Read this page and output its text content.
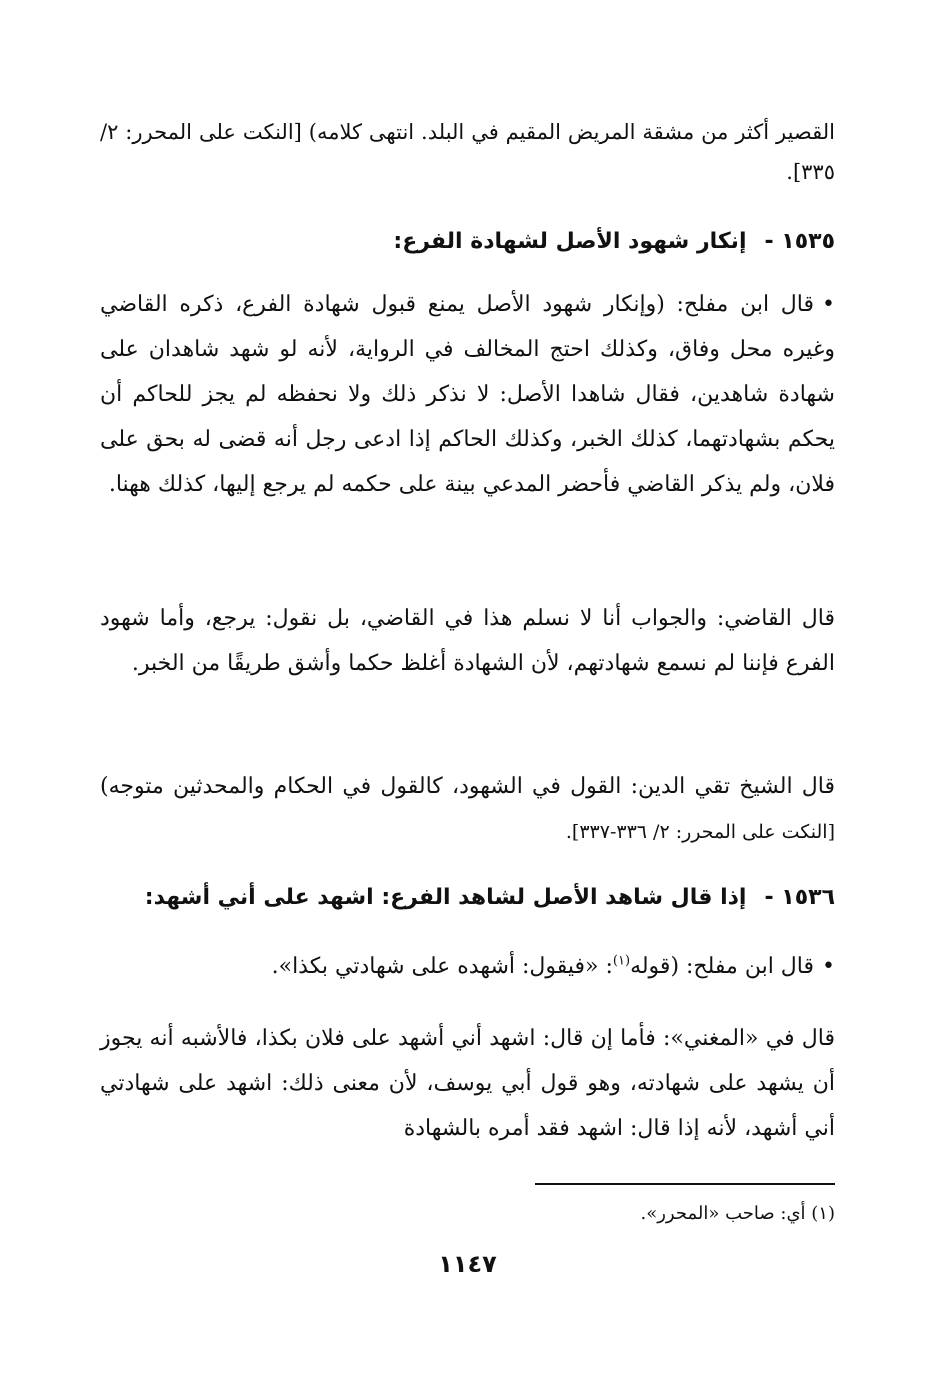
القصير أكثر من مشقة المريض المقيم في البلد. انتهى كلامه) [النكت على المحرر: ٢/ ٣٣٥].

١٥٣٥ -إنكار شهود الأصل لشهادة الفرع:

•قال ابن مفلح: (وإنكار شهود الأصل يمنع قبول شهادة الفرع، ذكره القاضي وغيره محل وفاق، وكذلك احتج المخالف في الرواية، لأنه لو شهد شاهدان على شهادة شاهدين، فقال شاهدا الأصل: لا نذكر ذلك ولا نحفظه لم يجز للحاكم أن يحكم بشهادتهما، كذلك الخبر، وكذلك الحاكم إذا ادعى رجل أنه قضى له بحق على فلان، ولم يذكر القاضي فأحضر المدعي بينة على حكمه لم يرجع إليها، كذلك ههنا.

قال القاضي: والجواب أنا لا نسلم هذا في القاضي، بل نقول: يرجع، وأما شهود الفرع فإننا لم نسمع شهادتهم، لأن الشهادة أغلظ حكما وأشق طريقًا من الخبر.

قال الشيخ تقي الدين: القول في الشهود، كالقول في الحكام والمحدثين متوجه) [النكت على المحرر: ٢/ ٣٣٦-٣٣٧].

١٥٣٦ -إذا قال شاهد الأصل لشاهد الفرع: اشهد على أني أشهد:

•قال ابن مفلح: (قوله$^{(١)}$: «فيقول: أشهده على شهادتي بكذا».

قال في «المغني»: فأما إن قال: اشهد أني أشهد على فلان بكذا، فالأشبه أنه يجوز أن يشهد على شهادته، وهو قول أبي يوسف، لأن معنى ذلك: اشهد على شهادتي أني أشهد، لأنه إذا قال: اشهد فقد أمره بالشهادة

(١) أي: صاحب «المحرر».
١١٤٧
